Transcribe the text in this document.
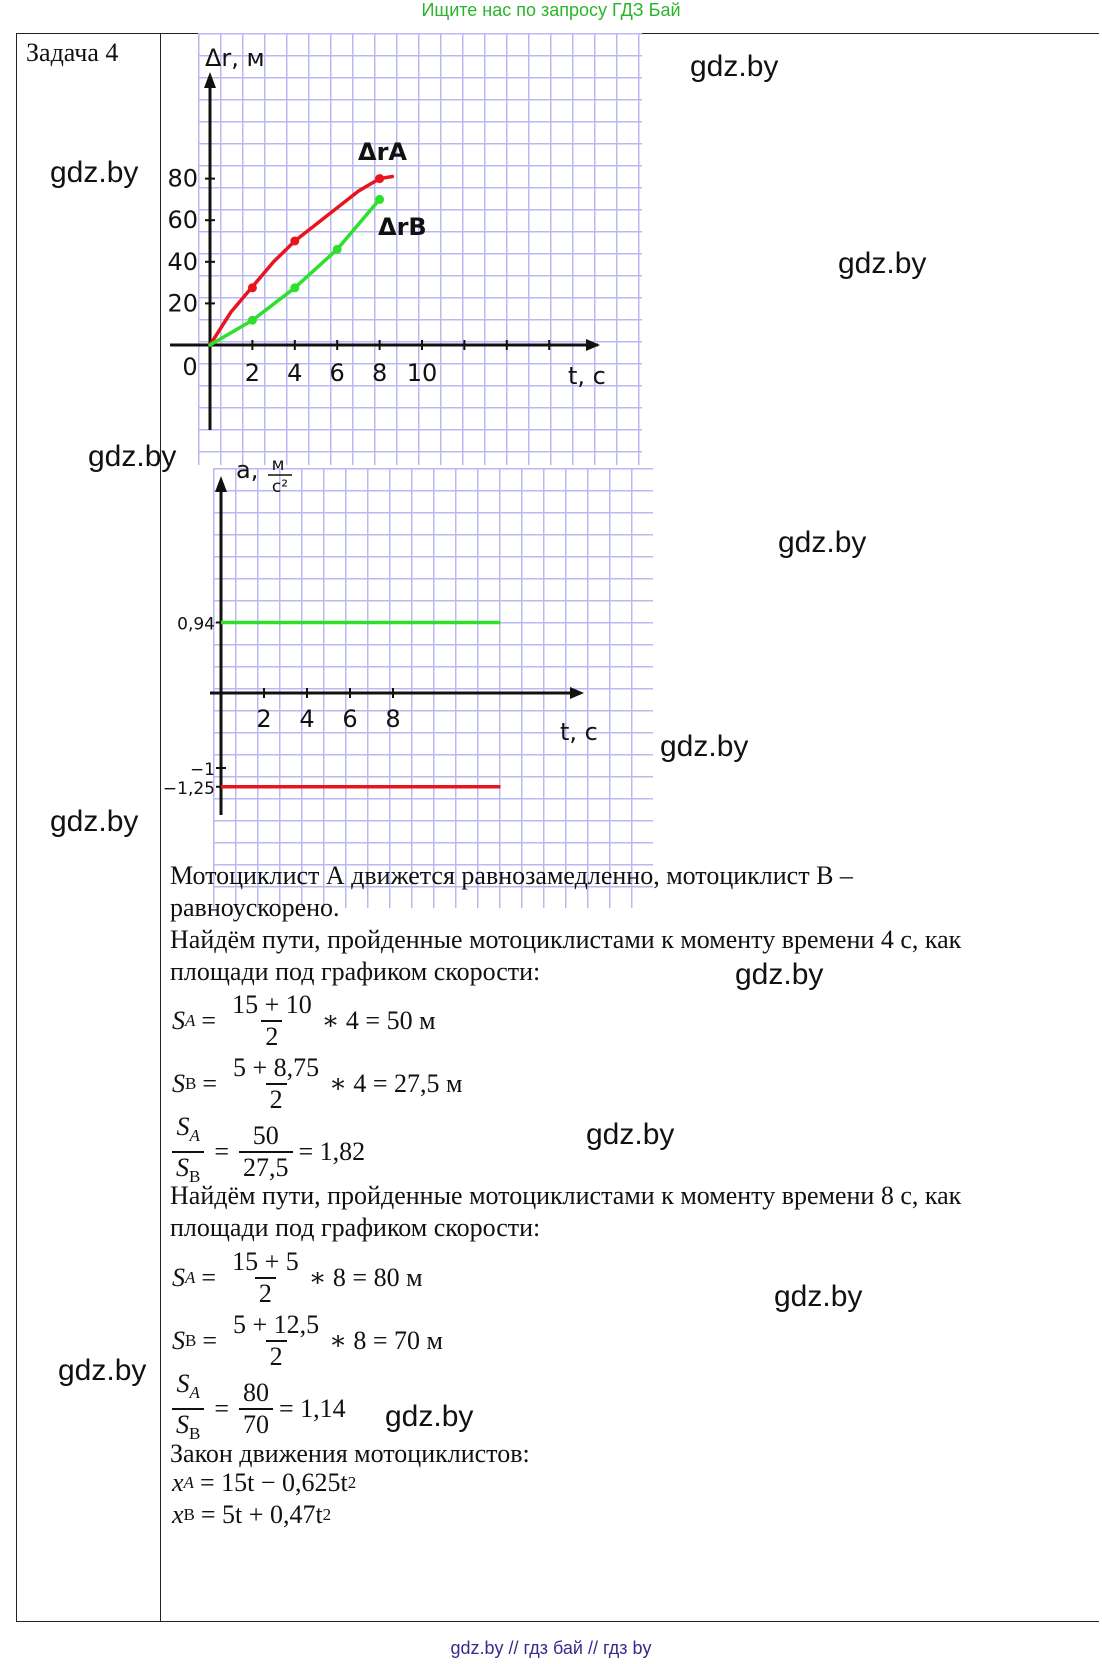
Ищите нас по запросу ГДЗ Бай
Задача 4	gdz.by
gdz.by
gdz.by
gdz.by
gdz.by
gdz.by
gdz.by
gdz.by
gdz.by
gdz.by
gdz.by
gdz.by
2 4 6 8 10
20
40
60
80
0
Δr, м
t, с
ΔrA
ΔrB
2 4 6 8
0,94
−1
−1,25
a, м
с²
t, с
Мотоциклист А движется равнозамедленно, мотоциклист В –
равноускорено.
Найдём пути, пройденные мотоциклистами к моменту времени 4 с, как
площади под графиком скорости:
S $A = \frac{15 + 10}{2}$ ∗ 4 = 50 м
S $B = \frac{5 + 8,75}{2}$ ∗ 4 = 27,5 м
$\frac{S_A}{S_B} = \frac{50}{27,5} = 1,82$
Найдём пути, пройденные мотоциклистами к моменту времени 8 с, как
площади под графиком скорости:
S $A = \frac{15 + 5}{2}$ ∗ 8 = 80 м
S $B = \frac{5 + 12,5}{2}$ ∗ 8 = 70 м
$\frac{S_A}{S_B} = \frac{80}{70} = 1,14$
Закон движения мотоциклистов:
x A = 15t − 0,625t 2
x B = 5t + 0,47t 2
gdz.by // гдз бай // гдз by
